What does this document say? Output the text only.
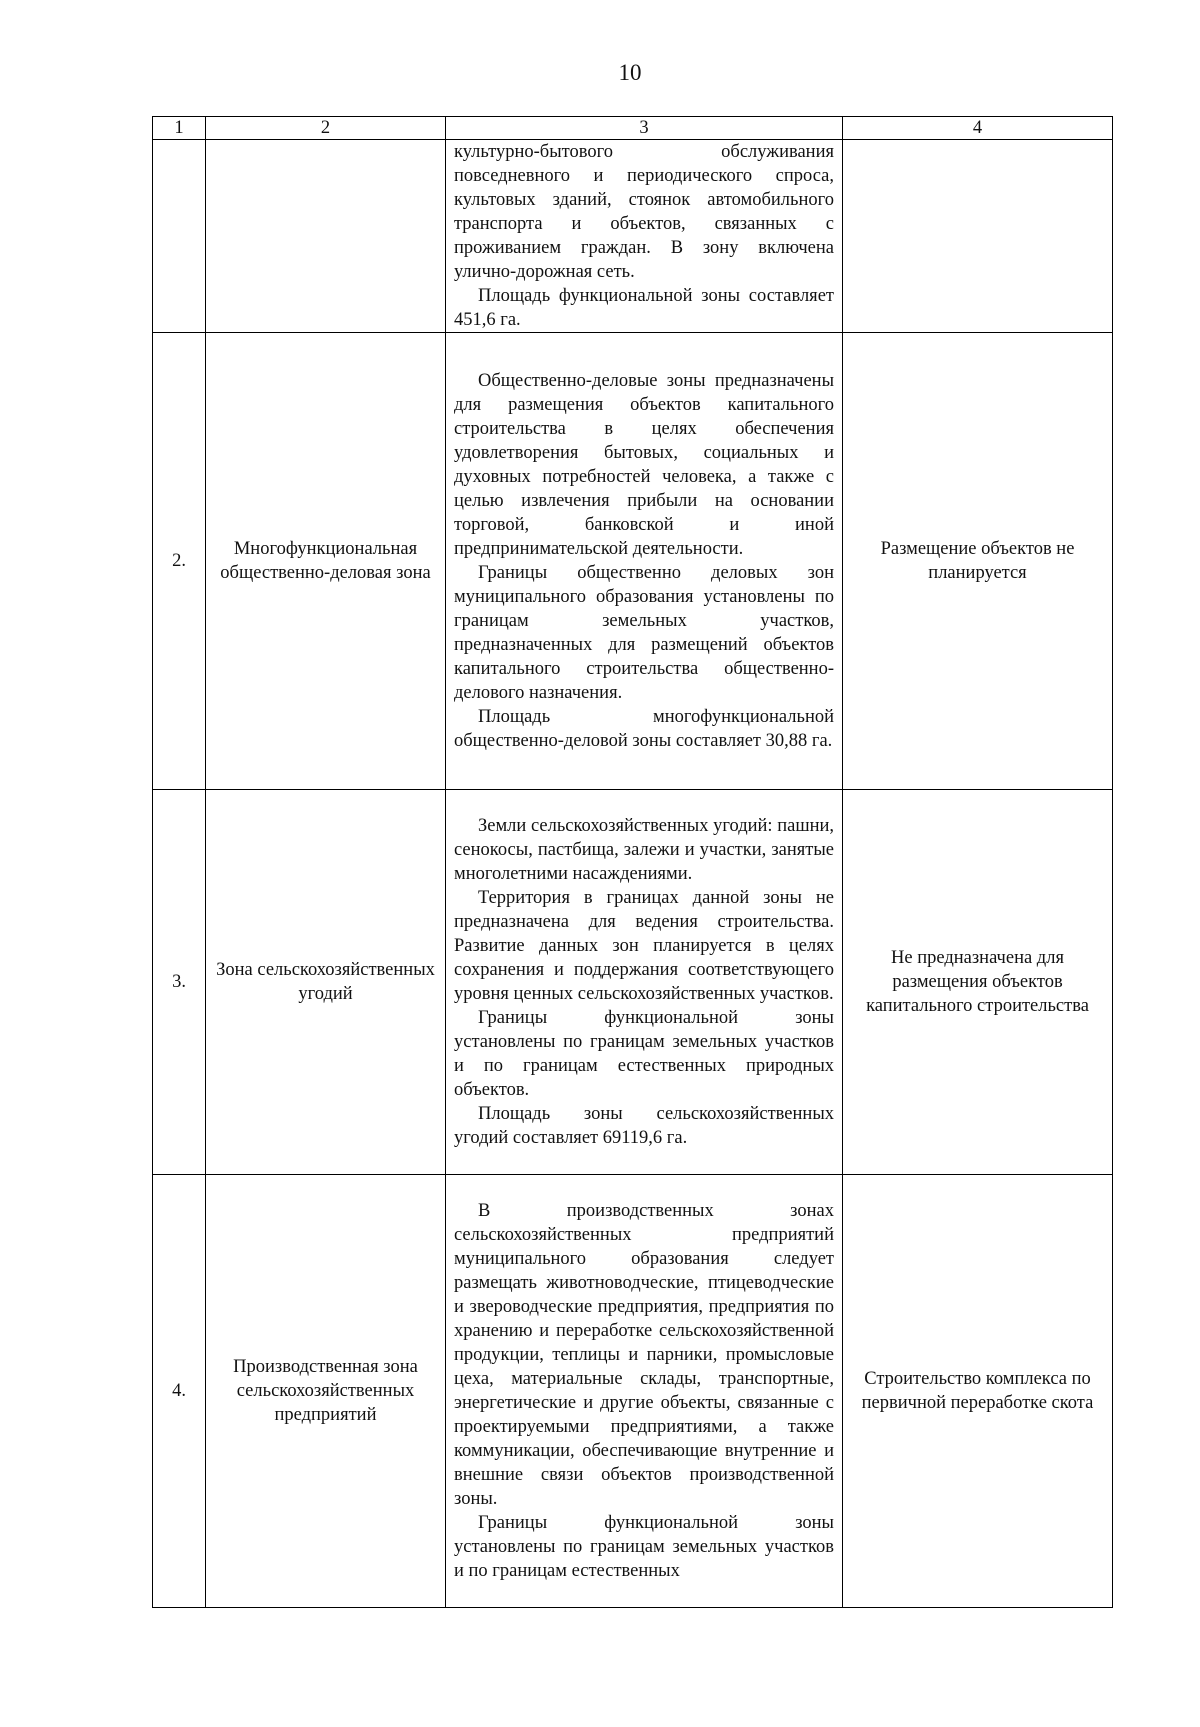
10
1	2	3	4

		культурно-бытового обслуживания повседневного и периодического спроса, культовых зданий, стоянок автомобильного транспорта и объектов, связанных с проживанием граждан. В зону включена улично-дорожная сеть.

Площадь функциональной зоны составляет 451,6 га.	

2.	Многофункциональная общественно-деловая зона	Общественно-деловые зоны предназначены для размещения объектов капитального строительства в целях обеспечения удовлетворения бытовых, социальных и духовных потребностей человека, а также с целью извлечения прибыли на основании торговой, банковской и иной предпринимательской деятельности.

Границы общественно деловых зон муниципального образования установлены по границам земельных участков, предназначенных для размещений объектов капитального строительства общественно-делового назначения.

Площадь многофункциональной общественно-деловой зоны составляет 30,88 га.	Размещение объектов не планируется
3.	Зона сельскохозяйственных угодий	Земли сельскохозяйственных угодий: пашни, сенокосы, пастбища, залежи и участки, занятые многолетними насаждениями.

Территория в границах данной зоны не предназначена для ведения строительства. Развитие данных зон планируется в целях сохранения и поддержания соответствующего уровня ценных сельскохозяйственных участков.

Границы функциональной зоны установлены по границам земельных участков и по границам естественных природных объектов.

Площадь зоны сельскохозяйственных угодий составляет 69119,6 га.	Не предназначена для размещения объектов капитального строительства
4.	Производственная зона сельскохозяйственных предприятий	В производственных зонах сельскохозяйственных предприятий муниципального образования следует размещать животноводческие, птицеводческие и звероводческие предприятия, предприятия по хранению и переработке сельскохозяйственной продукции, теплицы и парники, промысловые цеха, материальные склады, транспортные, энергетические и другие объекты, связанные с проектируемыми предприятиями, а также коммуникации, обеспечивающие внутренние и внешние связи объектов производственной зоны.

Границы функциональной зоны установлены по границам земельных участков и по границам естественных	Строительство комплекса по первичной переработке скота
